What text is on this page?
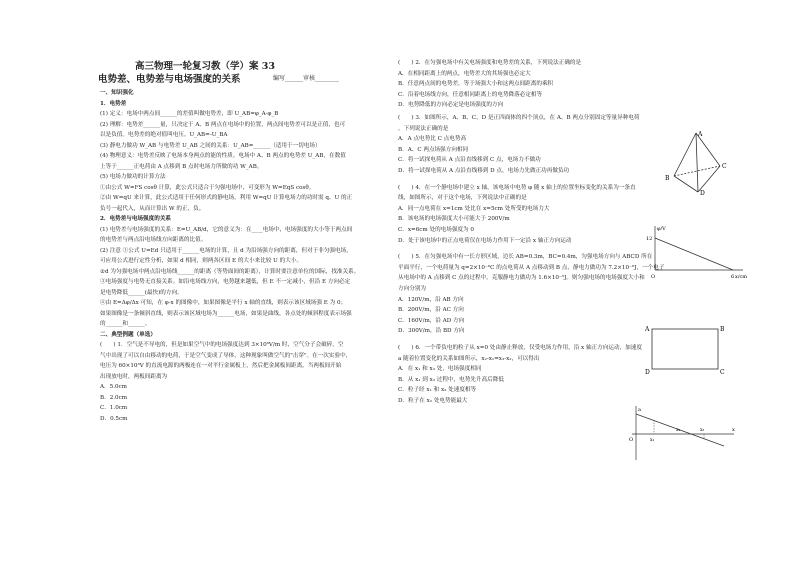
高三物理一轮复习教（学）案 33
电势差、电势差与电场强度的关系	编写______审核________
一、知识强化
1．电势差
(1) 定义：电场中两点间______的差值叫做电势差，即 U_AB=φ_A-φ_B
(2) 理解：电势差______量，只决定于 A、B 两点在电场中的位置，两点间电势差可以是正值，也可
以是负值。电势差的绝对值叫电压。U_AB=-U_BA
(3) 静电力做功 W_AB 与电势差 U_AB 之间的关系：U_AB=______（适用于一切电场）
(4) 物理意义：电势差反映了电场本身两点的能的性质。电场中 A、B 两点的电势差 U_AB，在数值
上等于______正电荷由 A 点移到 B 点时电场力所做的功 W_AB。
(5) 电场力做功的计算方法
①由公式 W=FS cosθ 计算，此公式只适合于匀强电场中，可变形为 W=EqS cosθ。
②由 W=qU 来计算，此公式适用于任何形式的静电场。利用 W=qU 计算电场力的功时需 q、U 的正
负号一起代入，从而计算出 W 的正、负。
2．电势差与电场强度的关系
(1) 电势差与电场强度的关系：E=U_AB/d，它的意义为：在____电场中，电场强度的大小等于两点间
的电势差与两点沿电场线方向距离的比值。
(2) 注意 ①公式 U=Ed 只适用于______电场的计算，且 d 为沿场强方向的距离，但对于非匀强电场，
可应用公式进行定性分析，如果 d 相同，则两各区间 E 的大小来比较 U 的大小。
②d 为匀强电场中两点沿电场线______的距离（等势面间的距离），计算时要注意单位的国际，找准关系。
③电场强度与电势无直接关系。如沿电场线方向，电势越来越低，但 E 不一定减小，但沿 E 方向必定
是电势降低______(最快)的方向。
④由 E=Δφ/Δx 可知，在 φ-x 的图像中，如果图像是平行 x 轴的直线，则表示该区域场强 E 为 0；
如果图像是一条倾斜直线，则表示该区域电场为______电场，如果是曲线，各点处的倾斜程度表示场强
的______和______。
二、典型例题（单选）
(　　) 1．空气是不导电的，但是如果空气中的电场强度达到 3×10⁶V/m 时，空气分子会破碎，空
气中出现了可以自由移动的电荷，于是空气变成了导体，这种现象叫做空气的"击穿"。在一次实验中，
电压为 60×10³V 的直流电源的两极连在一对平行金属板上，然后把金属板间距离，当两板间开始
出现放电时，两板间距离为
A．5.0cm
B．2.0cm
C．1.0cm
D．0.5cm
(　　) 2．在匀强电场中有关电场强度和电势差的关系，下列说法正确的是
A．在相同距离上的两点，电势差大的其场强也必定大
B．任意两点间的电势差，等于场强大小和这两点间距离的乘积
C．沿着电场线方向，任意相同距离上的电势降落必定相等
D．电势降低的方向必定是电场强度的方向
(　　) 3．如图所示，A、B、C、D 是正四面体的四个顶点，在 A、B 两点分别固定等量异种电荷
。下列说法正确的是
A．A 点电势比 C 点电势高
B．A、C 两点场强方向相同
C．将一试探电荷从 A 点沿直线移到 C 点，电场力不做功
D．将一试探电荷从 A 点沿直线移到 D 点，电场力先做正功再做负功
(　　) 4．在一个静电场中建立 x 轴，该电场中电势 φ 随 x 轴上的位置坐标变化的关系为一条直
线，如图所示，对于这个电场，下列说法中正确的是
A．同一点电荷在 x=1cm 处比在 x=5cm 处所受的电场力大
B．该电场的电场强度大小可能大于 200V/m
C．x=6cm 处的电场强度为 0
D．处于该电场中的正点电荷仅在电场力作用下一定沿 x 轴正方向运动
(　　) 5．在匀强电场中有一长方形区域，边长 AB=0.3m，BC=0.4m，匀强电场方向与 ABCD 所在
平面平行，一个电荷量为 q=2×10⁻⁶C 的点电荷从 A 点移动到 B 点，静电力做功为 7.2×10⁻⁶J，一个电子
从电场中的 A 点移到 C 点的过程中，克服静电力做功为 1.6×10⁻⁵J。则匀强电场的电场强度大小和
方向分别为
A．120V/m，沿 AB 方向
B．200V/m，沿 AC 方向
C．160V/m，沿 AD 方向
D．300V/m，沿 BD 方向
(　　) 6．一个带负电的粒子从 x=0 处由静止释放，仅受电场力作用，沿 x 轴正方向运动，加速度
a 随着位置变化的关系如图所示，x₂-x₁=x₃-x₂，可以得出
A．在 x₁ 和 x₃ 处，电场强度相同
B．从 x₁ 到 x₃ 过程中，电势先升高后降低
C．粒子经 x₁ 和 x₃ 处速度相等
D．粒子在 x₂ 处电势能最大
A
B
C
D
φ/V
x/cm
12
6
O
A	B
C
D
a
x
O	x₁
x₂	x₃
